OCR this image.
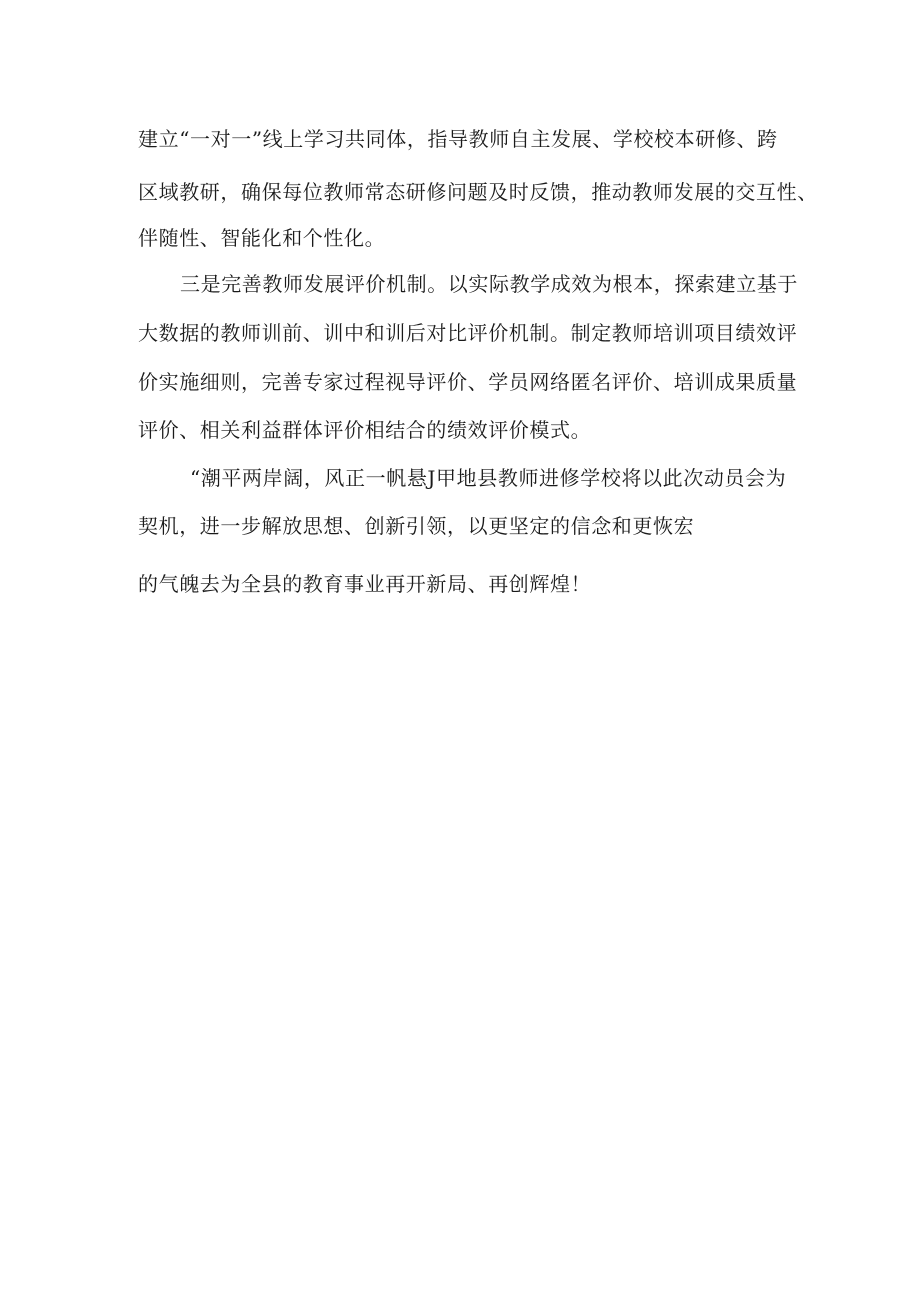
建立“一对一”线上学习共同体，指导教师自主发展、学校校本研修、跨
区域教研，确保每位教师常态研修问题及时反馈，推动教师发展的交互性、
伴随性、智能化和个性化。
三是完善教师发展评价机制。以实际教学成效为根本，探索建立基于
大数据的教师训前、训中和训后对比评价机制。制定教师培训项目绩效评
价实施细则，完善专家过程视导评价、学员网络匿名评价、培训成果质量
评价、相关利益群体评价相结合的绩效评价模式。
“潮平两岸阔，风正一帆悬J甲地县教师进修学校将以此次动员会为
契机，进一步解放思想、创新引领，以更坚定的信念和更恢宏
的气魄去为全县的教育事业再开新局、再创辉煌！
